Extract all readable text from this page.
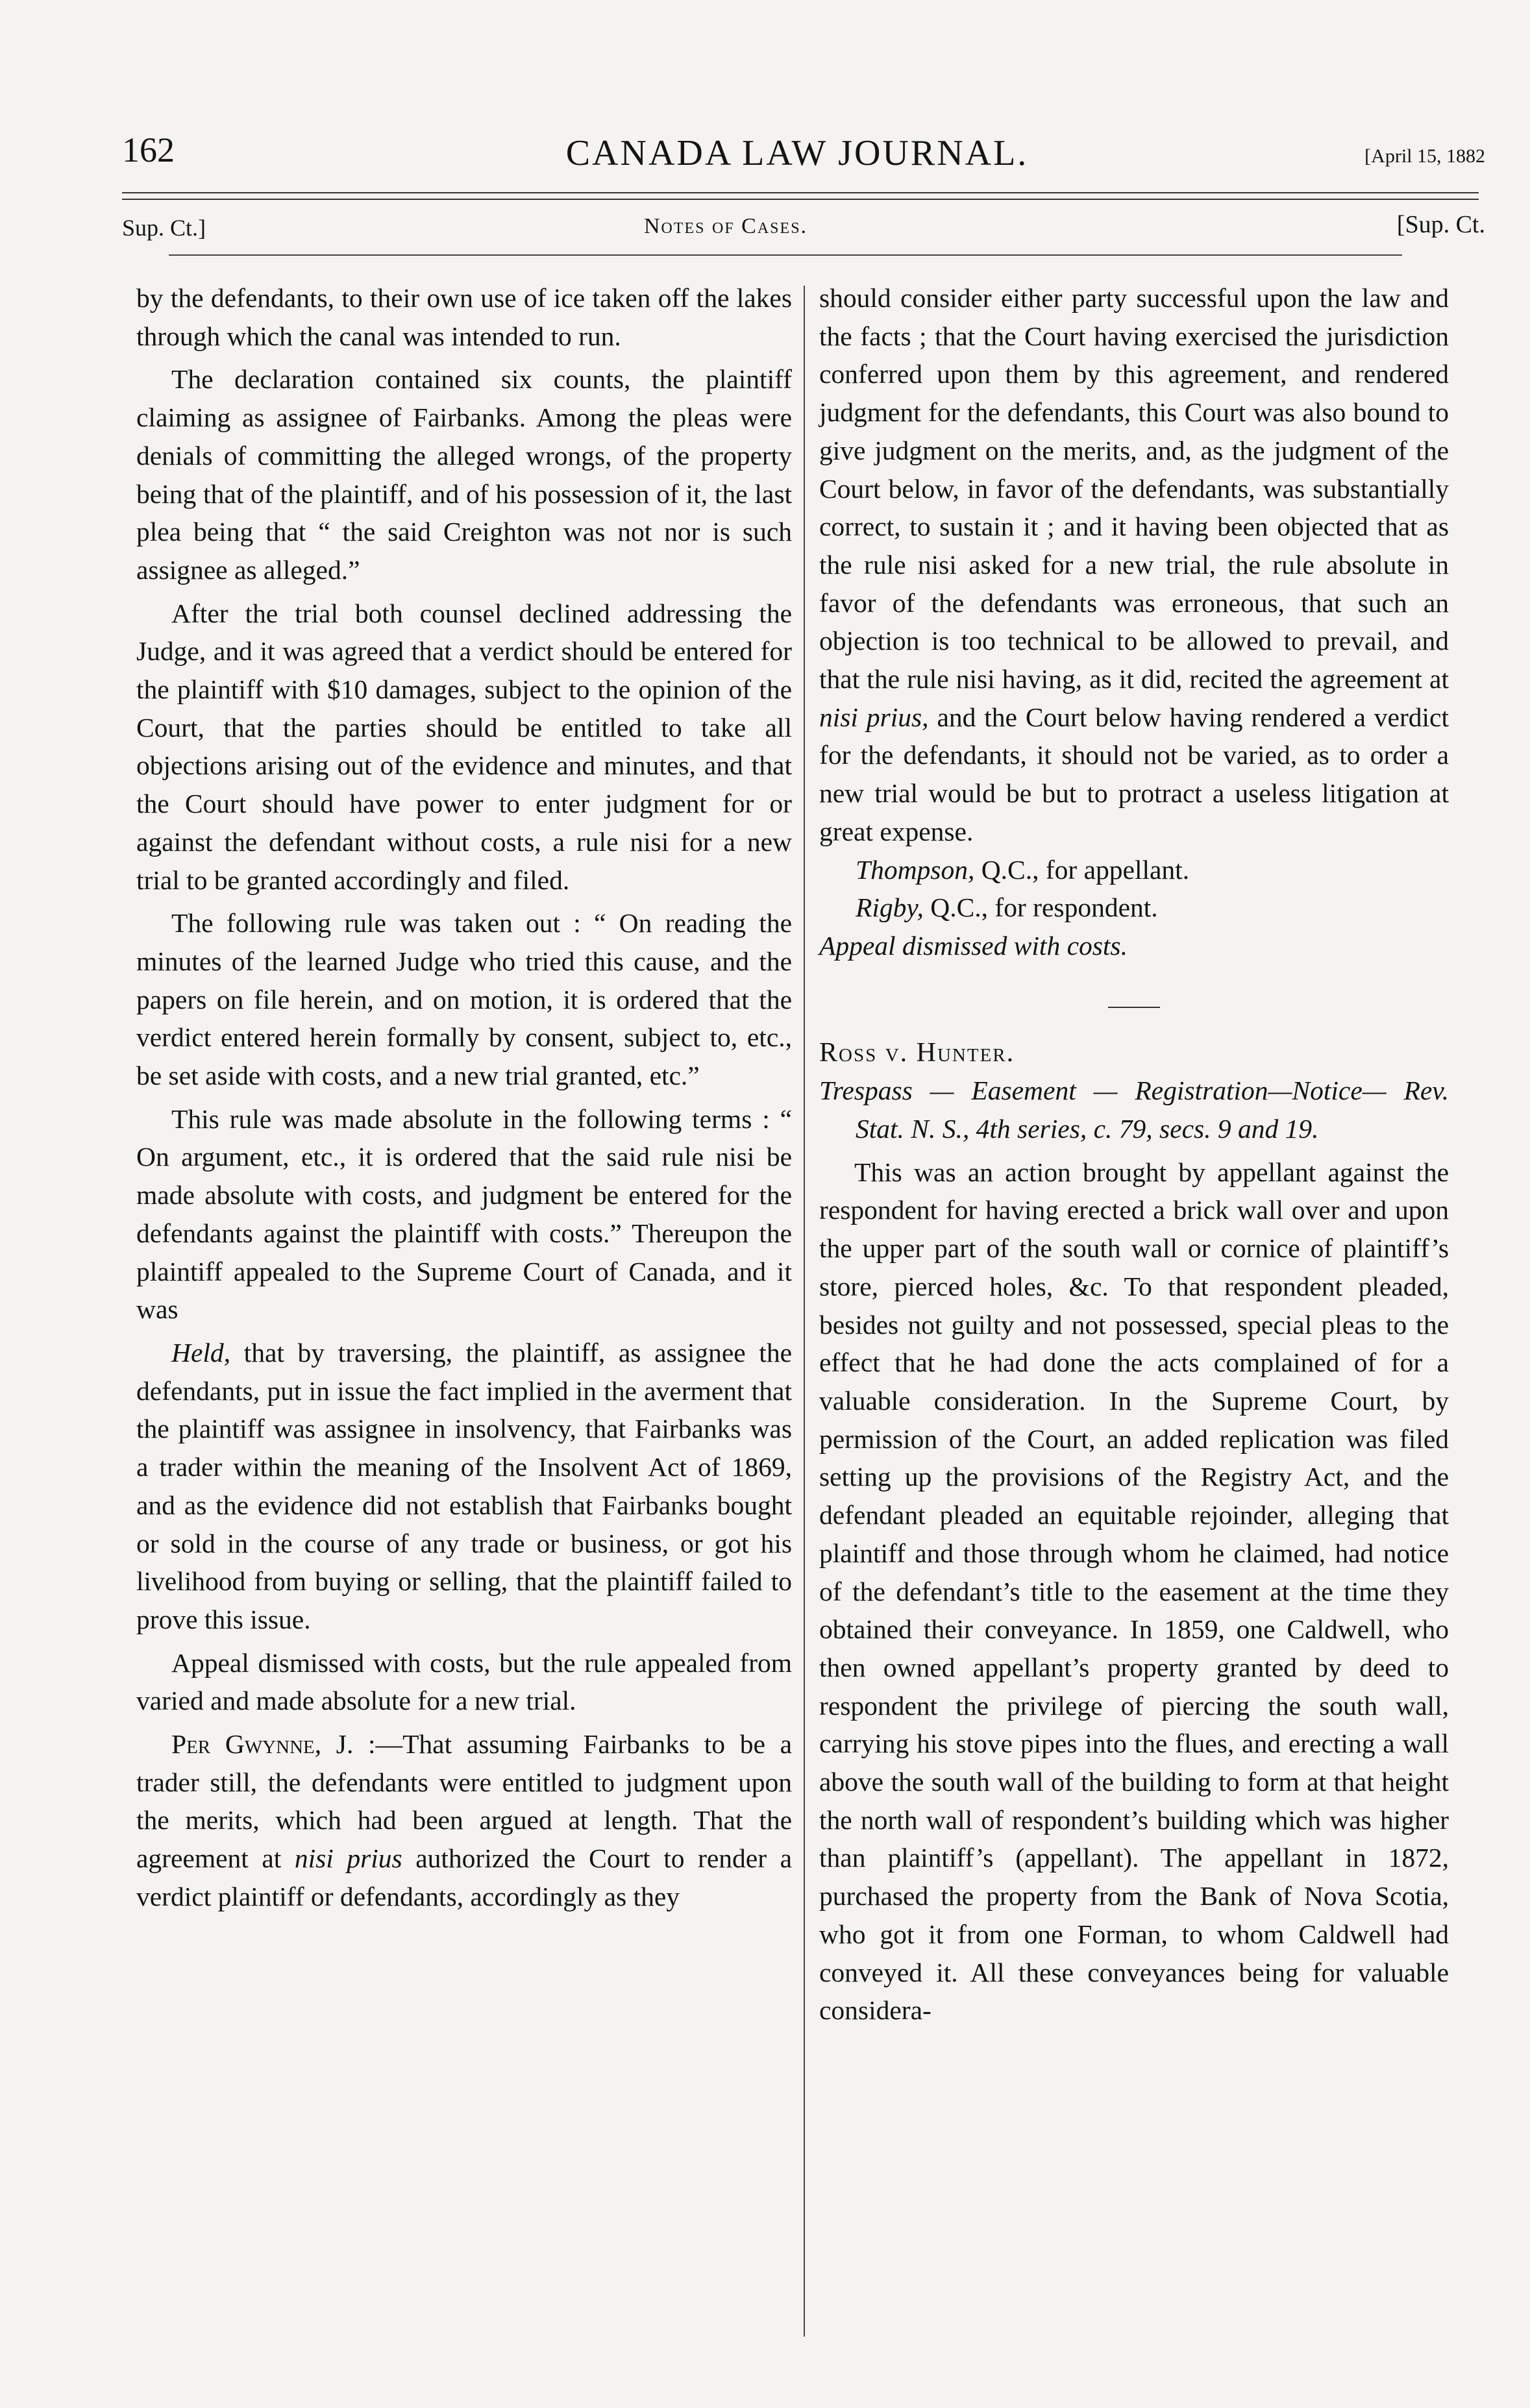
162	CANADA LAW JOURNAL.	[April 15, 1882
Sup. Ct.]	Notes of Cases.	[Sup. Ct.

by the defendants, to their own use of ice taken off the lakes through which the canal was intended to run.

The declaration contained six counts, the plaintiff claiming as assignee of Fairbanks. Among the pleas were denials of committing the alleged wrongs, of the property being that of the plaintiff, and of his possession of it, the last plea being that “ the said Creighton was not nor is such assignee as alleged.”

After the trial both counsel declined addressing the Judge, and it was agreed that a verdict should be entered for the plaintiff with $10 damages, subject to the opinion of the Court, that the parties should be entitled to take all objections arising out of the evidence and minutes, and that the Court should have power to enter judgment for or against the defendant without costs, a rule nisi for a new trial to be granted accordingly and filed.

The following rule was taken out : “ On reading the minutes of the learned Judge who tried this cause, and the papers on file herein, and on motion, it is ordered that the verdict entered herein formally by consent, subject to, etc., be set aside with costs, and a new trial granted, etc.”

This rule was made absolute in the following terms : “ On argument, etc., it is ordered that the said rule nisi be made absolute with costs, and judgment be entered for the defendants against the plaintiff with costs.” Thereupon the plaintiff appealed to the Supreme Court of Canada, and it was

Held, that by traversing, the plaintiff, as assignee the defendants, put in issue the fact implied in the averment that the plaintiff was assignee in insolvency, that Fairbanks was a trader within the meaning of the Insolvent Act of 1869, and as the evidence did not establish that Fairbanks bought or sold in the course of any trade or business, or got his livelihood from buying or selling, that the plaintiff failed to prove this issue.

Appeal dismissed with costs, but the rule appealed from varied and made absolute for a new trial.

Per Gwynne, J. :—That assuming Fairbanks to be a trader still, the defendants were entitled to judgment upon the merits, which had been argued at length. That the agreement at nisi prius authorized the Court to render a verdict plaintiff or defendants, accordingly as they

should consider either party successful upon the law and the facts ; that the Court having exercised the jurisdiction conferred upon them by this agreement, and rendered judgment for the defendants, this Court was also bound to give judgment on the merits, and, as the judgment of the Court below, in favor of the defendants, was substantially correct, to sustain it ; and it having been objected that as the rule nisi asked for a new trial, the rule absolute in favor of the defendants was erroneous, that such an objection is too technical to be allowed to prevail, and that the rule nisi having, as it did, recited the agreement at nisi prius, and the Court below having rendered a verdict for the defendants, it should not be varied, as to order a new trial would be but to protract a useless litigation at great expense.

Thompson, Q.C., for appellant.

Rigby, Q.C., for respondent.

Appeal dismissed with costs.

Ross v. Hunter.

Trespass — Easement — Registration—Notice— Rev. Stat. N. S., 4th series, c. 79, secs. 9 and 19.

This was an action brought by appellant against the respondent for having erected a brick wall over and upon the upper part of the south wall or cornice of plaintiff’s store, pierced holes, &c. To that respondent pleaded, besides not guilty and not possessed, special pleas to the effect that he had done the acts complained of for a valuable consideration. In the Supreme Court, by permission of the Court, an added replication was filed setting up the provisions of the Registry Act, and the defendant pleaded an equitable rejoinder, alleging that plaintiff and those through whom he claimed, had notice of the defendant’s title to the easement at the time they obtained their conveyance. In 1859, one Caldwell, who then owned appellant’s property granted by deed to respondent the privilege of piercing the south wall, carrying his stove pipes into the flues, and erecting a wall above the south wall of the building to form at that height the north wall of respondent’s building which was higher than plaintiff’s (appellant). The appellant in 1872, purchased the property from the Bank of Nova Scotia, who got it from one Forman, to whom Caldwell had conveyed it. All these conveyances being for valuable considera-
